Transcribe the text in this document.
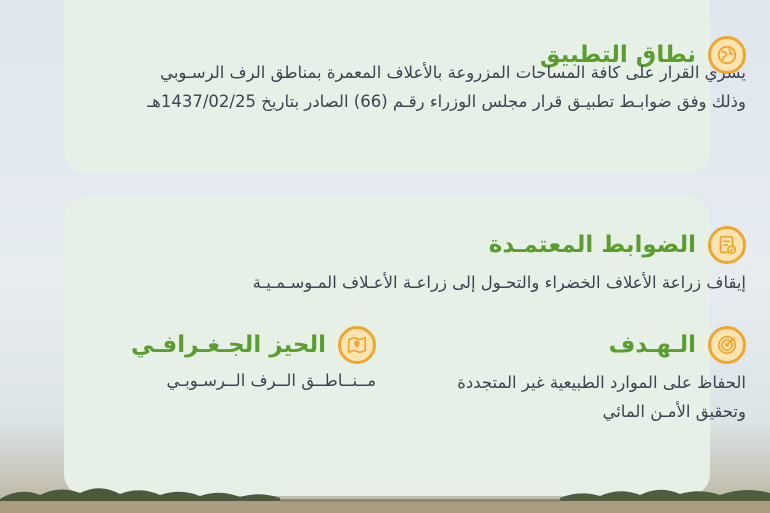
نطاق التطبيق
يسري القرار على كافة المساحات المزروعة بالأعلاف المعمرة بمناطق الرف الرسـوبي وذلك وفق ضوابـط تطبيـق قرار مجلس الوزراء رقـم (66) الصادر بتاريخ 1437/02/25هـ
الضوابط المعتمـدة
إيقاف زراعة الأعلاف الخضراء والتحـول إلى زراعـة الأعـلاف المـوسـمـيـة
الـهـدف
الحفاظ على الموارد الطبيعية غير المتجددة وتحقيق الأمـن المائي
الحيز الجـغـرافـي
مــنــاطــق الــرف الــرسـوبـي
